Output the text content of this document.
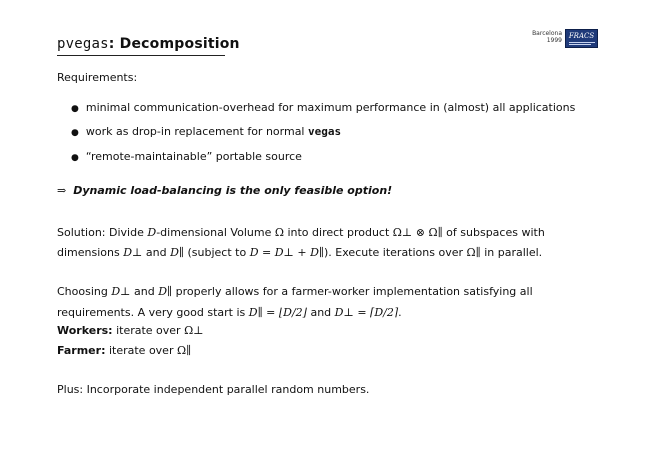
pvegas: Decomposition
Barcelona
1999
FRACS
Requirements:
● minimal communication-overhead for maximum performance in (almost) all applications
● work as drop-in replacement for normal vegas
● “remote-maintainable” portable source
⇒ Dynamic load-balancing is the only feasible option!
Solution: Divide D-dimensional Volume Ω into direct product Ω⊥ ⊗ Ω∥ of subspaces with
dimensions D⊥ and D∥ (subject to D = D⊥ + D∥). Execute iterations over Ω∥ in parallel.
Choosing D⊥ and D∥ properly allows for a farmer-worker implementation satisfying all
requirements. A very good start is D∥ = ⌊D/2⌋ and D⊥ = ⌈D/2⌉.
Workers: iterate over Ω⊥
Farmer: iterate over Ω∥
Plus: Incorporate independent parallel random numbers.
